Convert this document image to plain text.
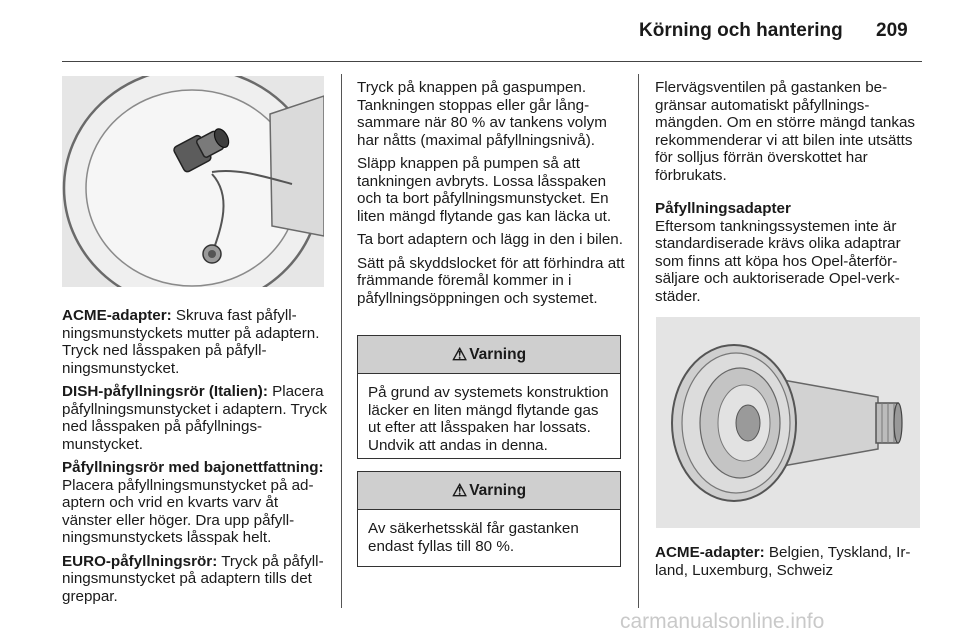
Körning och hantering 209

ACME-adapter: Skruva fast påfyllningsmunstyckets mutter på adaptern. Tryck ned låsspaken på påfyllningsmunstycket.

DISH-påfyllningsrör (Italien): Placera påfyllningsmunstycket i adaptern. Tryck ned låsspaken på påfyllningsmunstycket.

Påfyllningsrör med bajonettfattning: Placera påfyllningsmunstycket på adaptern och vrid en kvarts varv åt vänster eller höger. Dra upp påfyllningsmunstyckets låsspak helt.

EURO-påfyllningsrör: Tryck på påfyllningsmunstycket på adaptern tills det greppar.

Tryck på knappen på gaspumpen. Tankningen stoppas eller går långsammare när 80 % av tankens volym har nåtts (maximal påfyllningsnivå).

Släpp knappen på pumpen så att tankningen avbryts. Lossa låsspaken och ta bort påfyllningsmunstycket. En liten mängd flytande gas kan läcka ut.

Ta bort adaptern och lägg in den i bilen.

Sätt på skyddslocket för att förhindra att främmande föremål kommer in i påfyllningsöppningen och systemet.

⚠ Varning
På grund av systemets konstruktion läcker en liten mängd flytande gas ut efter att låsspaken har lossats. Undvik att andas in denna.
⚠ Varning
Av säkerhetsskäl får gastanken endast fyllas till 80 %.

Flervägsventilen på gastanken begränsar automatiskt påfyllningsmängden. Om en större mängd tankas rekommenderar vi att bilen inte utsätts för solljus förrän överskottet har förbrukats.

Påfyllningsadapter

Eftersom tankningssystemen inte är standardiserade krävs olika adaptrar som finns att köpa hos Opel-återförsäljare och auktoriserade Opel-verkstäder.

ACME-adapter: Belgien, Tyskland, Irland, Luxemburg, Schweiz

carmanualsonline.info
